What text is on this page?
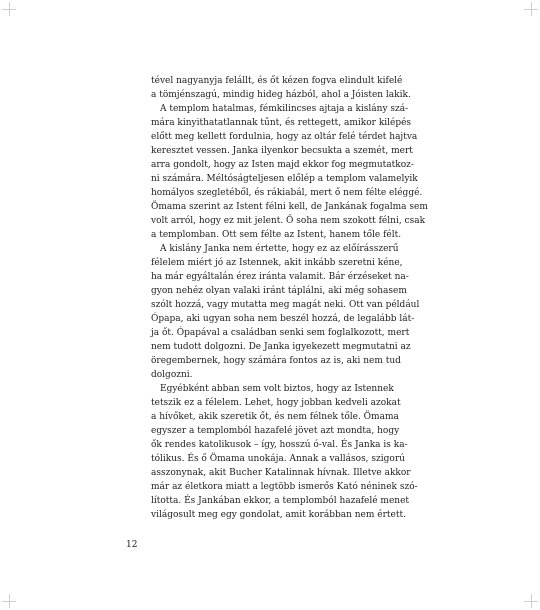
tével nagyanyja felállt, és őt kézen fogva elindult kifelé
a tömjénszagú, mindig hideg házból, ahol a Jóisten lakik.
A templom hatalmas, fémkilincses ajtaja a kislány szá-
mára kinyithatatlannak tűnt, és rettegett, amikor kilépés
előtt meg kellett fordulnia, hogy az oltár felé térdet hajtva
keresztet vessen. Janka ilyenkor becsukta a szemét, mert
arra gondolt, hogy az Isten majd ekkor fog megmutatkoz-
ni számára. Méltóságteljesen előlép a templom valamelyik
homályos szegletéből, és rákiabál, mert ő nem félte eléggé.
Ömama szerint az Istent félni kell, de Jankának fogalma sem
volt arról, hogy ez mit jelent. Ő soha nem szokott félni, csak
a templomban. Ott sem félte az Istent, hanem tőle félt.
A kislány Janka nem értette, hogy ez az előírásszerű
félelem miért jó az Istennek, akit inkább szeretni kéne,
ha már egyáltalán érez iránta valamit. Bár érzéseket na-
gyon nehéz olyan valaki iránt táplálni, aki még sohasem
szólt hozzá, vagy mutatta meg magát neki. Ott van például
Ópapa, aki ugyan soha nem beszél hozzá, de legalább lát-
ja őt. Ópapával a családban senki sem foglalkozott, mert
nem tudott dolgozni. De Janka igyekezett megmutatni az
öregembernek, hogy számára fontos az is, aki nem tud
dolgozni.
Egyébként abban sem volt biztos, hogy az Istennek
tetszik ez a félelem. Lehet, hogy jobban kedveli azokat
a hívőket, akik szeretik őt, és nem félnek tőle. Ömama
egyszer a templomból hazafelé jövet azt mondta, hogy
ők rendes katolikusok – így, hosszú ó-val. És Janka is ka-
tólikus. És ő Ömama unokája. Annak a vallásos, szigorú
asszonynak, akit Bucher Katalinnak hívnak. Illetve akkor
már az életkora miatt a legtöbb ismerős Kató néninek szó-
lította. És Jankában ekkor, a templomból hazafelé menet
világosult meg egy gondolat, amit korábban nem értett.
12
